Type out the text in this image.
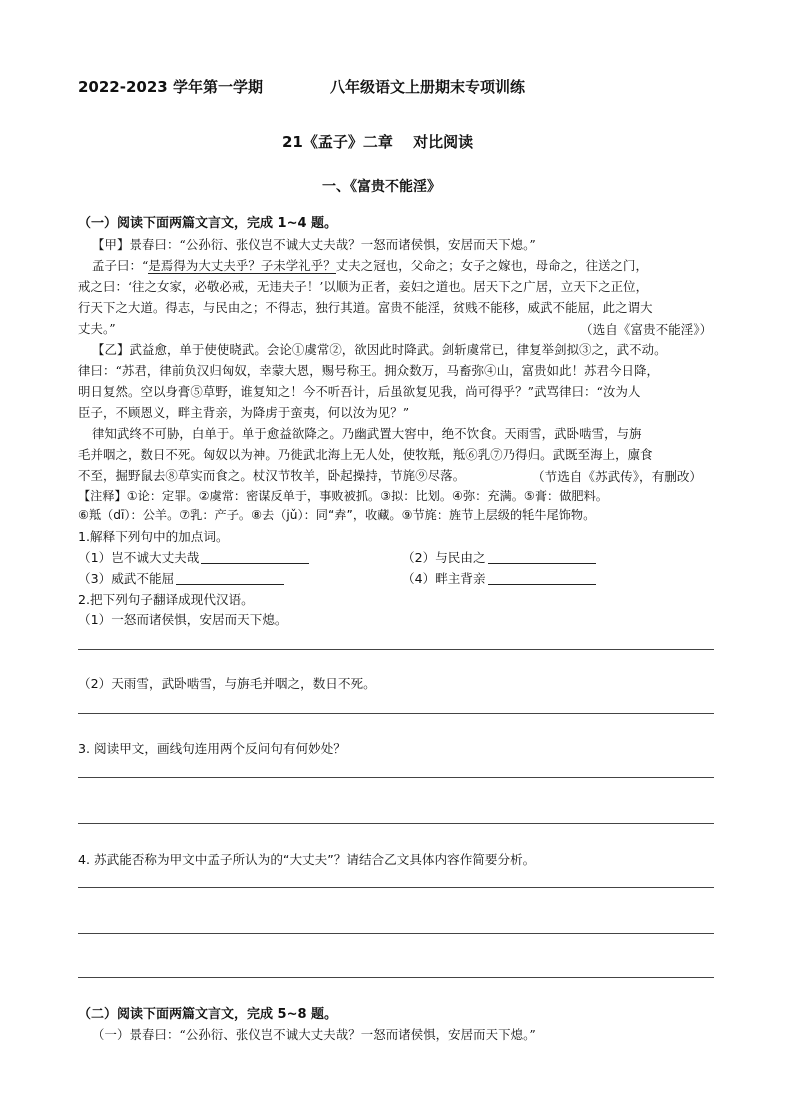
2022-2023 学年第一学期	八年级语文上册期末专项训练
21《孟子》二章　 对比阅读
一、《富贵不能淫》
（一）阅读下面两篇文言文，完成 1~4 题。
【甲】景春曰：“公孙衍、张仪岂不诚大丈夫哉？一怒而诸侯惧，安居而天下熄。”
孟子曰：“是焉得为大丈夫乎？子未学礼乎？丈夫之冠也，父命之；女子之嫁也，母命之，往送之门，
戒之曰：‘往之女家，必敬必戒，无违夫子！’以顺为正者，妾妇之道也。居天下之广居，立天下之正位，
行天下之大道。得志，与民由之；不得志，独行其道。富贵不能淫，贫贱不能移，威武不能屈，此之谓大
丈夫。”	（选自《富贵不能淫》）
【乙】武益愈，单于使使晓武。会论①虞常②，欲因此时降武。剑斩虞常已，律复举剑拟③之，武不动。
律曰：“苏君，律前负汉归匈奴，幸蒙大恩，赐号称王。拥众数万，马畜弥④山，富贵如此！苏君今日降，
明日复然。空以身膏⑤草野，谁复知之！今不听吾计，后虽欲复见我，尚可得乎？”武骂律曰：“汝为人
臣子，不顾恩义，畔主背亲，为降虏于蛮夷，何以汝为见？”
律知武终不可胁，白单于。单于愈益欲降之。乃幽武置大窖中，绝不饮食。天雨雪，武卧啮雪，与旃
毛并咽之，数日不死。匈奴以为神。乃徙武北海上无人处，使牧羝，羝⑥乳⑦乃得归。武既至海上，廪食
不至，掘野鼠去⑧草实而食之。杖汉节牧羊，卧起操持，节旄⑨尽落。	（节选自《苏武传》，有删改）
【注释】①论：定罪。②虞常：密谋反单于，事败被抓。③拟：比划。④弥：充满。⑤膏：做肥料。
⑥羝（dī）：公羊。⑦乳：产子。⑧去（jǔ）：同“弆”，收藏。⑨节旄：旌节上层级的牦牛尾饰物。
1.解释下列句中的加点词。
（1）岂不诚大丈夫哉	（2）与民由之
（3）威武不能屈	（4）畔主背亲
2.把下列句子翻译成现代汉语。
（1）一怒而诸侯惧，安居而天下熄。
（2）天雨雪，武卧啮雪，与旃毛并咽之，数日不死。
3. 阅读甲文，画线句连用两个反问句有何妙处？
4. 苏武能否称为甲文中孟子所认为的“大丈夫”？请结合乙文具体内容作简要分析。
（二）阅读下面两篇文言文，完成 5~8 题。
（一）景春曰：“公孙衍、张仪岂不诚大丈夫哉？一怒而诸侯惧，安居而天下熄。”
